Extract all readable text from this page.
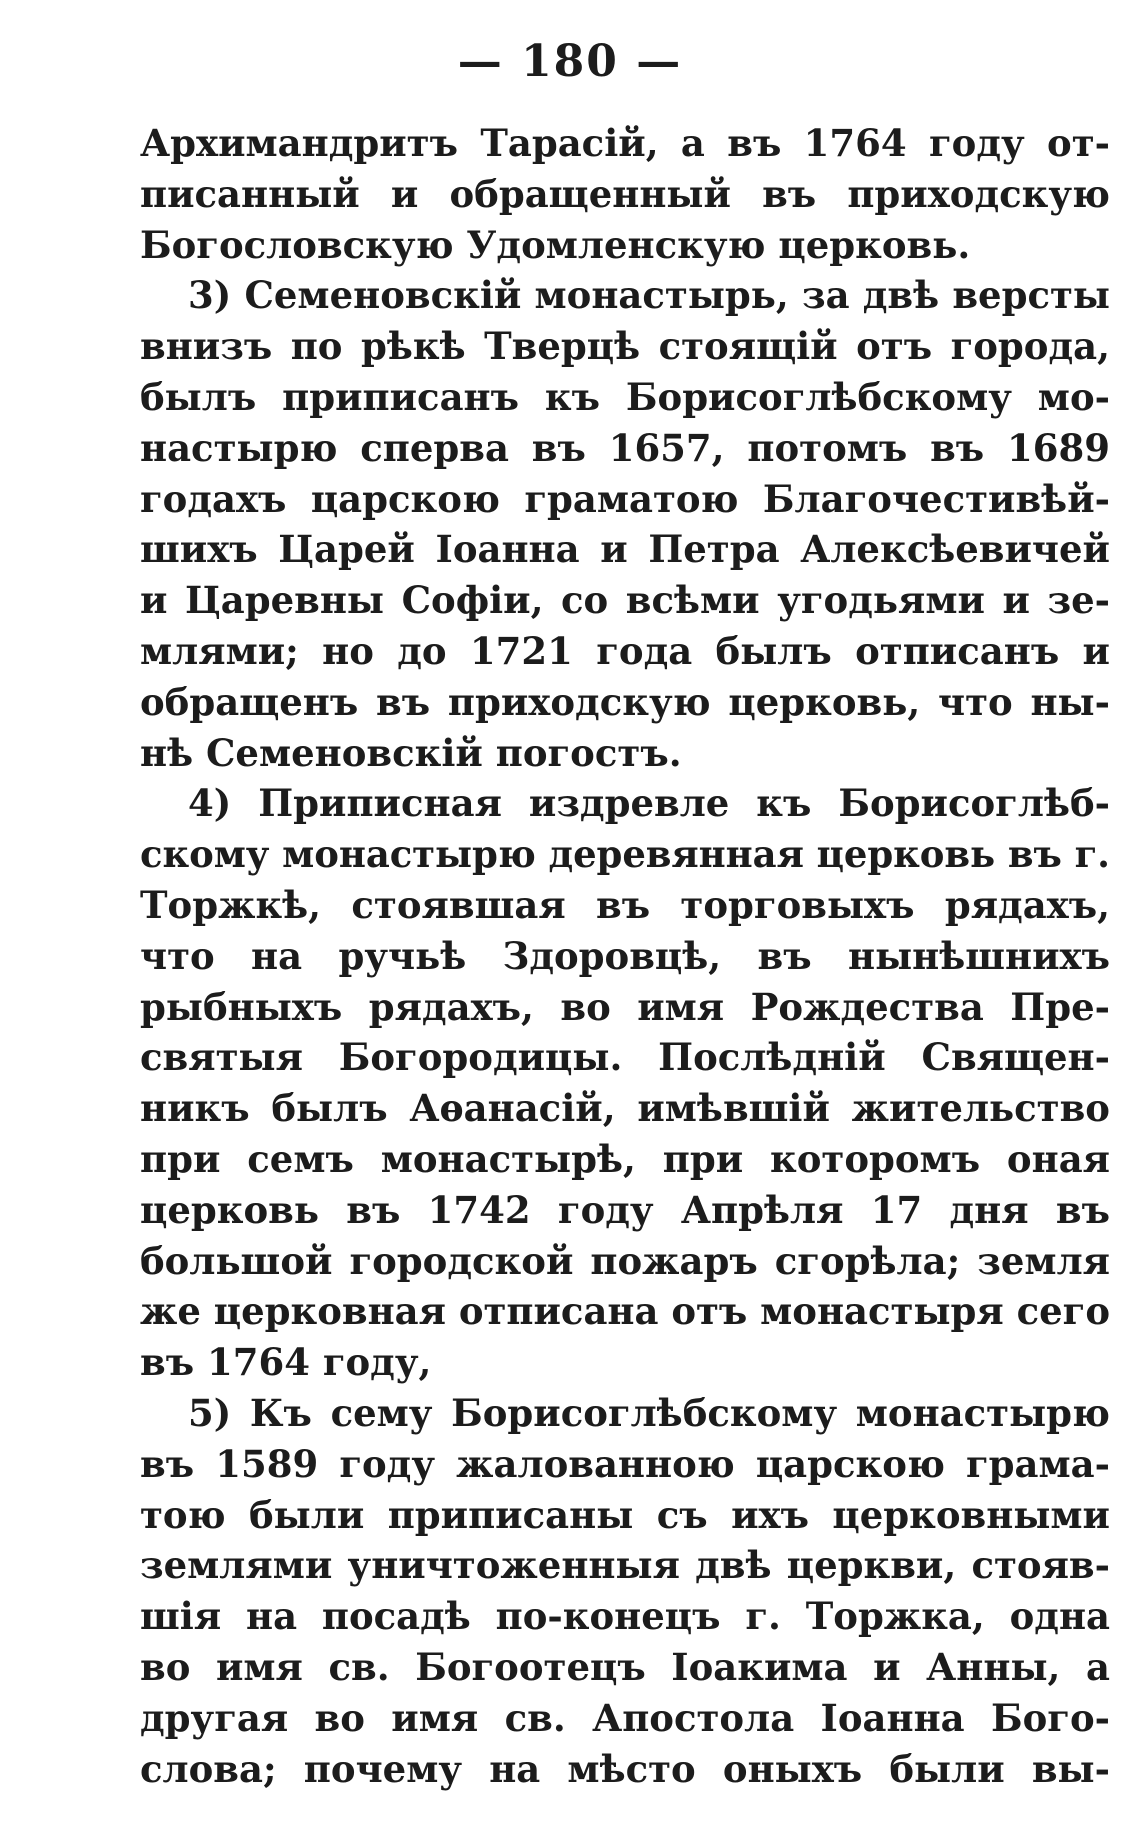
— 180 —
Архимандритъ Тарасій, а въ 1764 году от-
писанный и обращенный въ приходскую
Богословскую Удомленскую церковь.
3) Семеновскій монастырь, за двѣ версты
внизъ по рѣкѣ Тверцѣ стоящій отъ города,
былъ приписанъ къ Борисоглѣбскому мо-
настырю сперва въ 1657, потомъ въ 1689
годахъ царскою граматою Благочестивѣй-
шихъ Царей Іоанна и Петра Алексѣевичей
и Царевны Софіи, со всѣми угодьями и зе-
млями; но до 1721 года былъ отписанъ и
обращенъ въ приходскую церковь, что ны-
нѣ Семеновскій погостъ.
4) Приписная издревле къ Борисоглѣб-
скому монастырю деревянная церковь въ г.
Торжкѣ, стоявшая въ торговыхъ рядахъ,
что на ручьѣ Здоровцѣ, въ нынѣшнихъ
рыбныхъ рядахъ, во имя Рождества Пре-
святыя Богородицы. Послѣдній Священ-
никъ былъ Аѳанасій, имѣвшій жительство
при семъ монастырѣ, при которомъ оная
церковь въ 1742 году Апрѣля 17 дня въ
большой городской пожаръ сгорѣла; земля
же церковная отписана отъ монастыря сего
въ 1764 году,
5) Къ сему Борисоглѣбскому монастырю
въ 1589 году жалованною царскою грама-
тою были приписаны съ ихъ церковными
землями уничтоженныя двѣ церкви, стояв-
шія на посадѣ по-конецъ г. Торжка, одна
во имя св. Богоотецъ Іоакима и Анны, а
другая во имя св. Апостола Іоанна Бого-
слова; почему на мѣсто оныхъ были вы-
